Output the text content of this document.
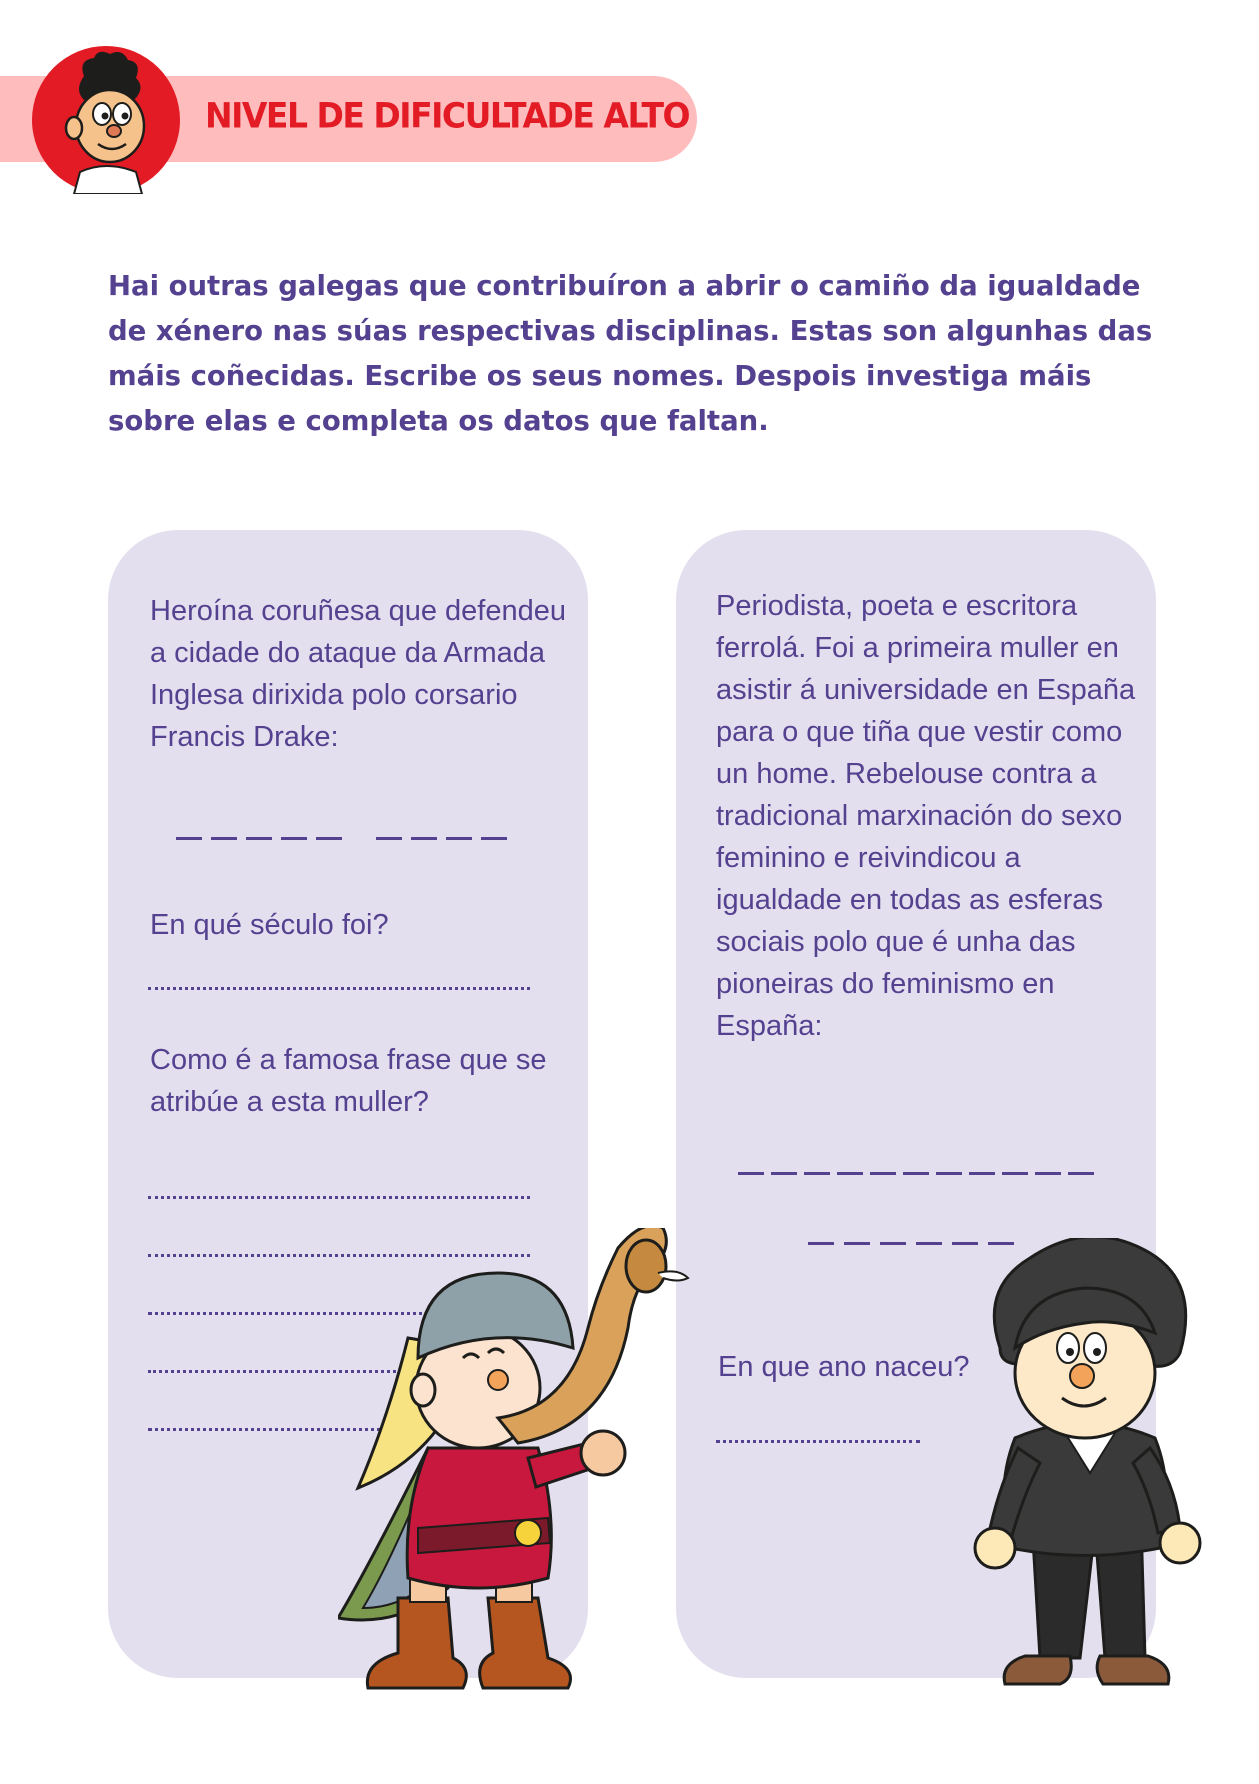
NIVEL DE DIFICULTADE ALTO
Hai outras galegas que contribuíron a abrir o camiño da igualdade de xénero nas súas respectivas disciplinas. Estas son algunhas das máis coñecidas. Escribe os seus nomes. Despois investiga máis sobre elas e completa os datos que faltan.
Heroína coruñesa que defendeu a cidade do ataque da Armada Inglesa dirixida polo corsario Francis Drake:
En qué século foi?
Como é a famosa frase que se atribúe a esta muller?
Periodista, poeta e escritora ferrolá. Foi a primeira muller en asistir á universidade en España para o que tiña que vestir como un home. Rebelouse contra a tradicional marxinación do sexo feminino e reivindicou a igualdade en todas as esferas sociais polo que é unha das pioneiras do feminismo en España:
En que ano naceu?
